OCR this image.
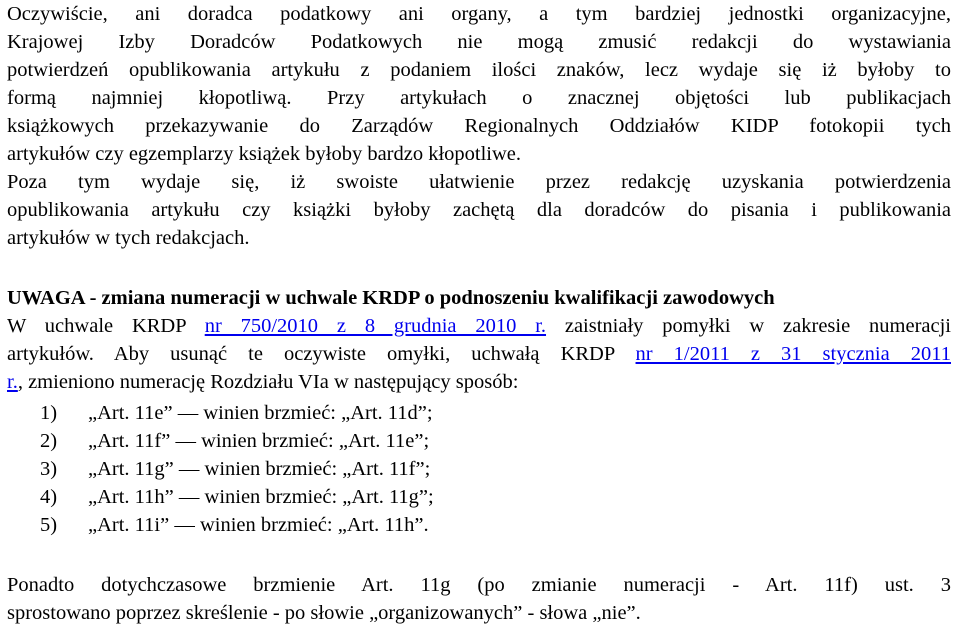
Oczywiście, ani doradca podatkowy ani organy, a tym bardziej jednostki organizacyjne,
Krajowej Izby Doradców Podatkowych nie mogą zmusić redakcji do wystawiania
potwierdzeń opublikowania artykułu z podaniem ilości znaków, lecz wydaje się iż byłoby to
formą najmniej kłopotliwą. Przy artykułach o znacznej objętości lub publikacjach
książkowych przekazywanie do Zarządów Regionalnych Oddziałów KIDP fotokopii tych
artykułów czy egzemplarzy książek byłoby bardzo kłopotliwe.
Poza tym wydaje się, iż swoiste ułatwienie przez redakcję uzyskania potwierdzenia
opublikowania artykułu czy książki byłoby zachętą dla doradców do pisania i publikowania
artykułów w tych redakcjach.
UWAGA - zmiana numeracji w uchwale KRDP o podnoszeniu kwalifikacji zawodowych
W uchwale KRDP nr 750/2010 z 8 grudnia 2010 r. zaistniały pomyłki w zakresie numeracji
artykułów. Aby usunąć te oczywiste omyłki, uchwałą KRDP nr 1/2011 z 31 stycznia 2011
r., zmieniono numerację Rozdziału VIa w następujący sposób:
1) „Art. 11e” — winien brzmieć: „Art. 11d”;
2) „Art. 11f” — winien brzmieć: „Art. 11e”;
3) „Art. 11g” — winien brzmieć: „Art. 11f”;
4) „Art. 11h” — winien brzmieć: „Art. 11g”;
5) „Art. 11i” — winien brzmieć: „Art. 11h”.
Ponadto dotychczasowe brzmienie Art. 11g (po zmianie numeracji - Art. 11f) ust. 3
sprostowano poprzez skreślenie - po słowie „organizowanych” - słowa „nie”.
